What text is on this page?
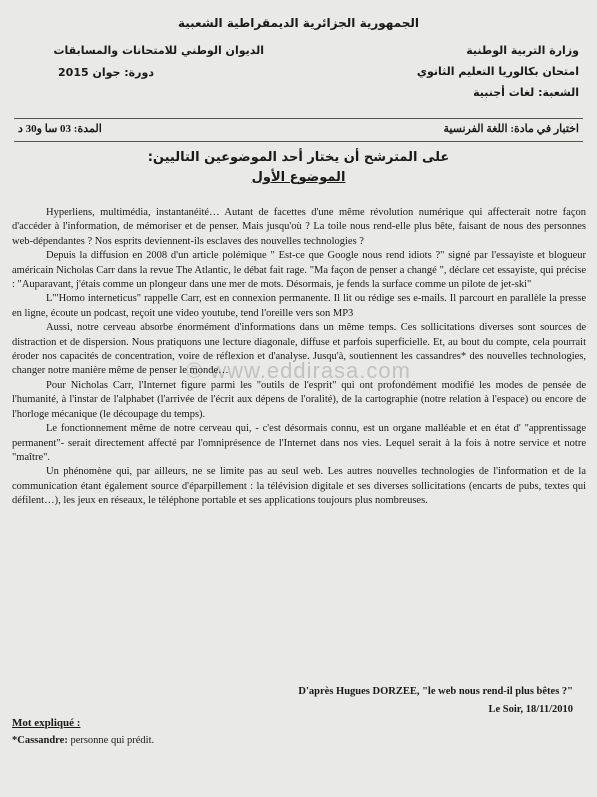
الجمهورية الجزائرية الديمقراطية الشعبية
وزارة التربية الوطنية
امتحان بكالوريا التعليم الثانوي
الشعبة: لغات أجنبية
الديوان الوطني للامتحانات والمسابقات
دورة: جوان 2015
اختبار في مادة: اللغة الفرنسية
المدة: 03 سا و30 د
على المترشح أن يختار أحد الموضوعين التاليين:
الموضوع الأول
© www.eddirasa.com

Hyperliens, multimédia, instantanéité… Autant de facettes d'une même révolution numérique qui affecterait notre façon d'accéder à l'information, de mémoriser et de penser. Mais jusqu'où ? La toile nous rend-elle plus bête, faisant de nous des personnes web-dépendantes ? Nos esprits deviennent-ils esclaves des nouvelles technologies ?

Depuis la diffusion en 2008 d'un article polémique " Est-ce que Google nous rend idiots ?" signé par l'essayiste et blogueur américain Nicholas Carr dans la revue The Atlantic, le débat fait rage. "Ma façon de penser a changé ", déclare cet essayiste, qui précise : "Auparavant, j'étais comme un plongeur dans une mer de mots. Désormais, je fends la surface comme un pilote de jet-ski"

L'"Homo interneticus" rappelle Carr, est en connexion permanente. Il lit ou rédige ses e-mails. Il parcourt en parallèle la presse en ligne, écoute un podcast, reçoit une video youtube, tend l'oreille vers son MP3

Aussi, notre cerveau absorbe énormément d'informations dans un même temps. Ces sollicitations diverses sont sources de distraction et de dispersion. Nous pratiquons une lecture diagonale, diffuse et parfois superficielle. Et, au bout du compte, cela pourrait éroder nos capacités de concentration, voire de réflexion et d'analyse. Jusqu'à, soutiennent les cassandres* des nouvelles technologies, changer notre manière même de penser le monde…

Pour Nicholas Carr, l'Internet figure parmi les "outils de l'esprit" qui ont profondément modifié les modes de pensée de l'humanité, à l'instar de l'alphabet (l'arrivée de l'écrit aux dépens de l'oralité), de la cartographie (notre relation à l'espace) ou encore de l'horloge mécanique (le découpage du temps).

Le fonctionnement même de notre cerveau qui, - c'est désormais connu, est un organe malléable et en état d' "apprentissage permanent"- serait directement affecté par l'omniprésence de l'Internet dans nos vies. Lequel serait à la fois à notre service et notre "maître".

Un phénomène qui, par ailleurs, ne se limite pas au seul web. Les autres nouvelles technologies de l'information et de la communication étant également source d'éparpillement : la télévision digitale et ses diverses sollicitations (encarts de pubs, textes qui défilent…), les jeux en réseaux, le téléphone portable et ses applications toujours plus nombreuses.

D'après Hugues DORZEE, "le web nous rend-il plus bêtes ?"
Le Soir, 18/11/2010
Mot expliqué :
*Cassandre: personne qui prédit.
